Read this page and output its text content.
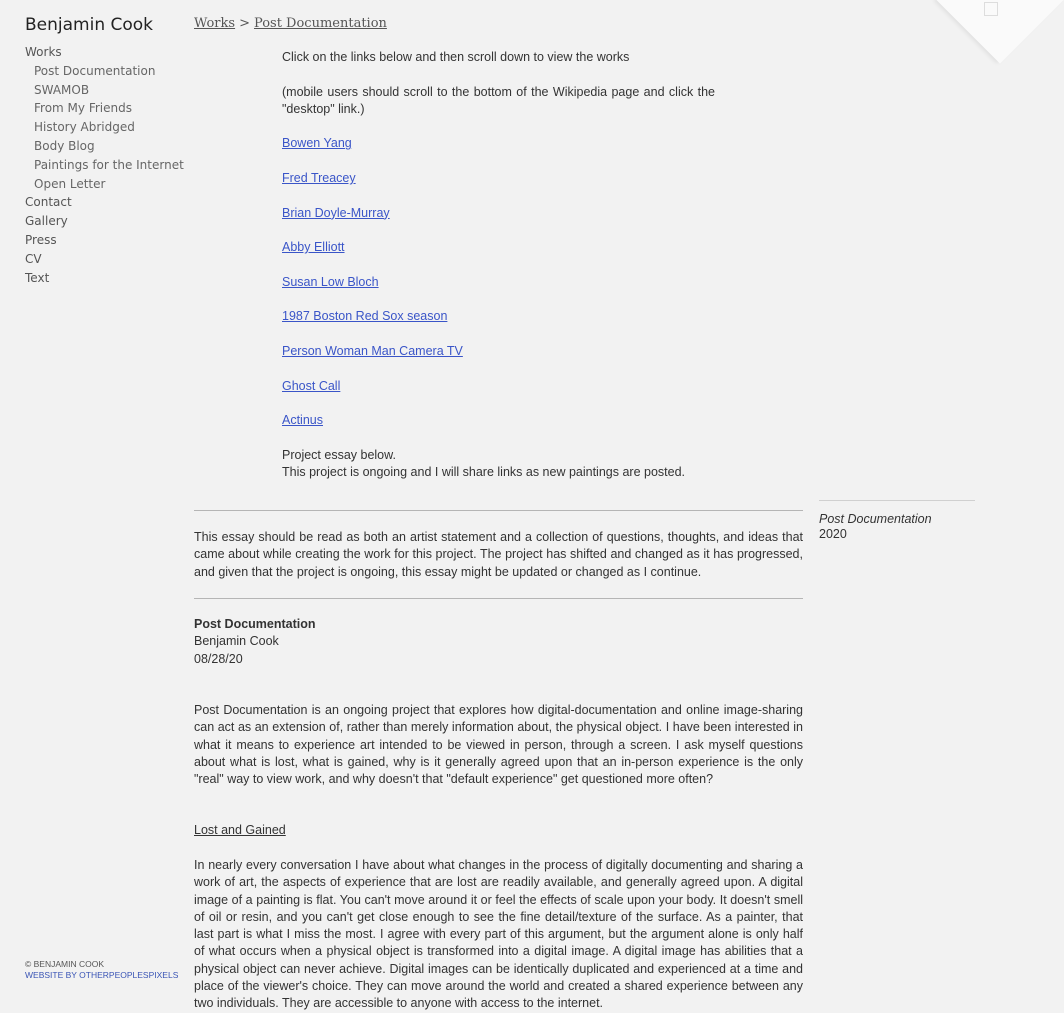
Benjamin Cook
Works
Post Documentation
SWAMOB
From My Friends
History Abridged
Body Blog
Paintings for the Internet
Open Letter
Contact
Gallery
Press
CV
Text
© BENJAMIN COOK
WEBSITE BY OTHERPEOPLESPIXELS
Works > Post Documentation

Click on the links below and then scroll down to view the works

(mobile users should scroll to the bottom of the Wikipedia page and click the "desktop" link.)

Bowen Yang
Fred Treacey
Brian Doyle-Murray
Abby Elliott
Susan Low Bloch
1987 Boston Red Sox season
Person Woman Man Camera TV
Ghost Call
Actinus
Project essay below.
This project is ongoing and I will share links as new paintings are posted.
Post Documentation
2020
This essay should be read as both an artist statement and a collection of questions, thoughts, and ideas that came about while creating the work for this project. The project has shifted and changed as it has progressed, and given that the project is ongoing, this essay might be updated or changed as I continue.
Post Documentation
Benjamin Cook
08/28/20
Post Documentation is an ongoing project that explores how digital-documentation and online image-sharing can act as an extension of, rather than merely information about, the physical object. I have been interested in what it means to experience art intended to be viewed in person, through a screen. I ask myself questions about what is lost, what is gained, why is it generally agreed upon that an in-person experience is the only "real" way to view work, and why doesn't that "default experience" get questioned more often?
Lost and Gained
In nearly every conversation I have about what changes in the process of digitally documenting and sharing a work of art, the aspects of experience that are lost are readily available, and generally agreed upon. A digital image of a painting is flat. You can't move around it or feel the effects of scale upon your body. It doesn't smell of oil or resin, and you can't get close enough to see the fine detail/texture of the surface. As a painter, that last part is what I miss the most. I agree with every part of this argument, but the argument alone is only half of what occurs when a physical object is transformed into a digital image. A digital image has abilities that a physical object can never achieve. Digital images can be identically duplicated and experienced at a time and place of the viewer's choice. They can move around the world and created a shared experience between any two individuals. They are accessible to anyone with access to the internet.
